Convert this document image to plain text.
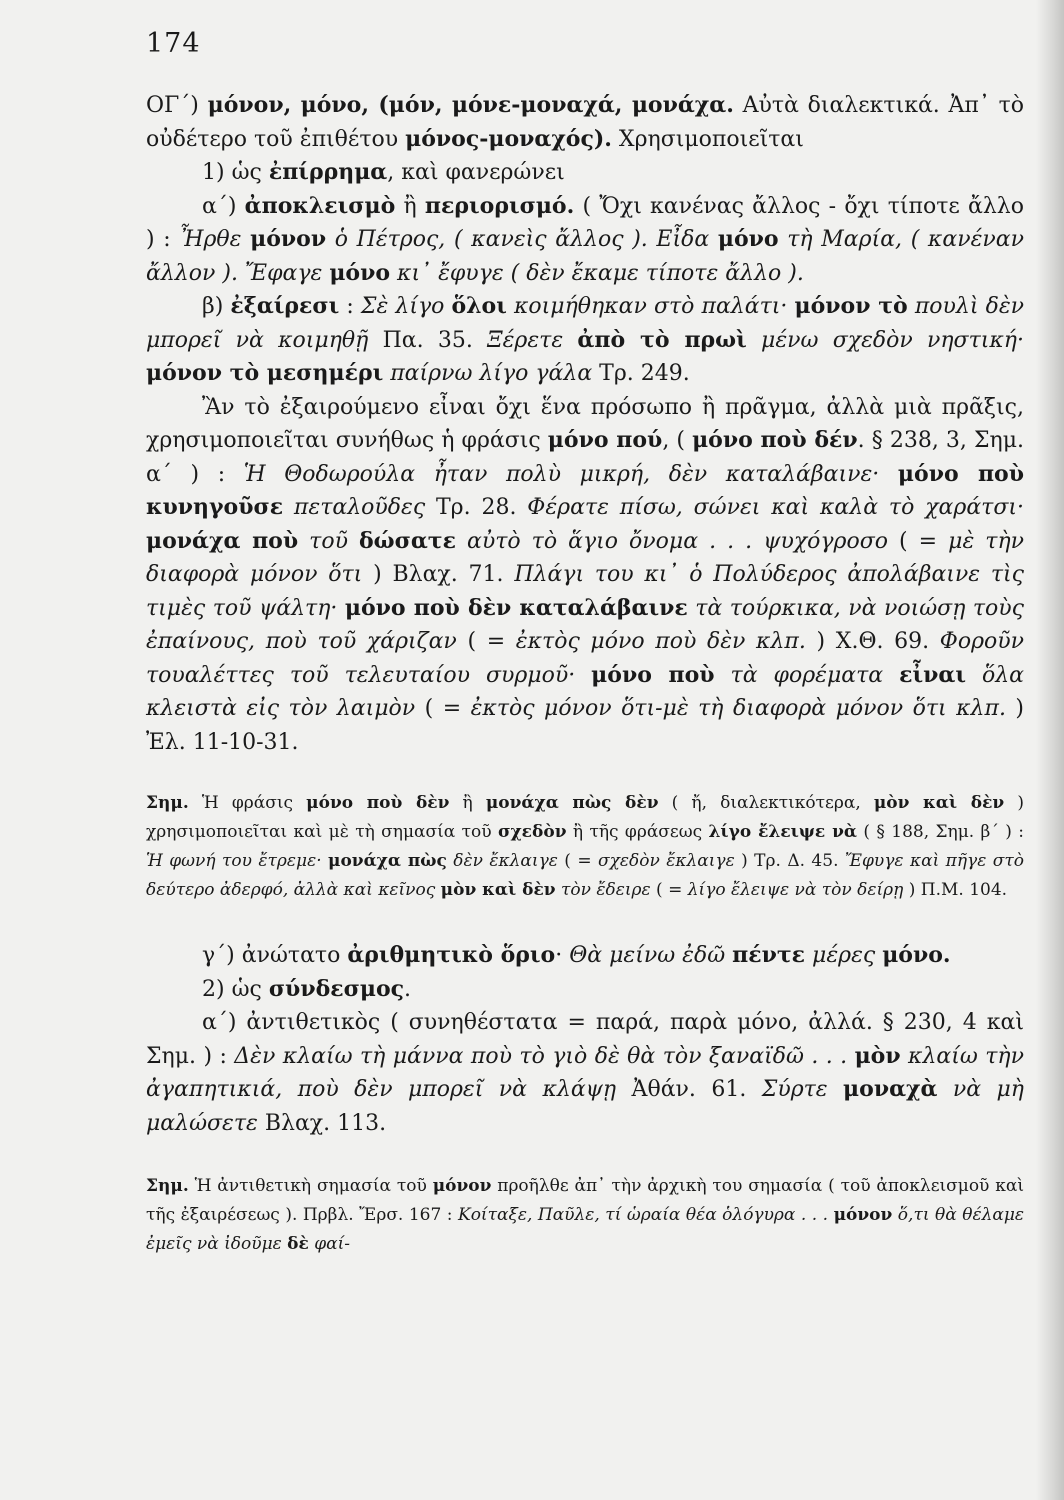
174

ΟΓ´) μόνον, μόνο, (μόν, μόνε-μοναχά, μονάχα. Αὐτὰ διαλεκτικά. Ἀπ᾽ τὸ οὐδέτερο τοῦ ἐπιθέτου μόνος-μοναχός). Χρησιμοποιεῖται

1) ὡς ἐπίρρημα, καὶ φανερώνει

α´) ἀποκλεισμὸ ἢ περιορισμό. ( Ὄχι κανένας ἄλλος - ὄχι τίποτε ἄλλο ) : Ἦρθε μόνον ὁ Πέτρος, ( κανεὶς ἄλλος ). Εἶδα μόνο τὴ Μαρία, ( κανέναν ἄλλον ). Ἔφαγε μόνο κι᾽ ἔφυγε ( δὲν ἔκαμε τίποτε ἄλλο ).

β) ἐξαίρεσι : Σὲ λίγο ὅλοι κοιμήθηκαν στὸ παλάτι· μόνον τὸ πουλὶ δὲν μπορεῖ νὰ κοιμηθῇ Πα. 35. Ξέρετε ἀπὸ τὸ πρωὶ μένω σχεδὸν νηστική· μόνον τὸ μεσημέρι παίρνω λίγο γάλα Τρ. 249.

Ἂν τὸ ἐξαιρούμενο εἶναι ὄχι ἕνα πρόσωπο ἢ πρᾶγμα, ἀλλὰ μιὰ πρᾶξις, χρησιμοποιεῖται συνήθως ἡ φράσις μόνο πού, ( μόνο ποὺ δέν. § 238, 3, Σημ. α´ ) : Ἡ Θοδωρούλα ἦταν πολὺ μικρή, δὲν καταλάβαινε· μόνο ποὺ κυνηγοῦσε πεταλοῦδες Τρ. 28. Φέρατε πίσω, σώνει καὶ καλὰ τὸ χαράτσι· μονάχα ποὺ τοῦ δώσατε αὐτὸ τὸ ἅγιο ὄνομα . . . ψυχόγροσο ( = μὲ τὴν διαφορὰ μόνον ὅτι ) Βλαχ. 71. Πλάγι του κι᾽ ὁ Πολύδερος ἀπολάβαινε τὶς τιμὲς τοῦ ψάλτη· μόνο ποὺ δὲν καταλάβαινε τὰ τούρκικα, νὰ νοιώσῃ τοὺς ἐπαίνους, ποὺ τοῦ χάριζαν ( = ἐκτὸς μόνο ποὺ δὲν κλπ. ) Χ.Θ. 69. Φοροῦν τουαλέττες τοῦ τελευταίου συρμοῦ· μόνο ποὺ τὰ φορέματα εἶναι ὅλα κλειστὰ εἰς τὸν λαιμὸν ( = ἐκτὸς μόνον ὅτι-μὲ τὴ διαφορὰ μόνον ὅτι κλπ. ) Ἐλ. 11-10-31.

Σημ. Ἡ φράσις μόνο ποὺ δὲν ἢ μονάχα πὼς δὲν ( ἤ, διαλεκτικότερα, μὸν καὶ δὲν ) χρησιμοποιεῖται καὶ μὲ τὴ σημασία τοῦ σχεδὸν ἢ τῆς φράσεως λίγο ἔλειψε νὰ ( § 188, Σημ. β´ ) : Ἡ φωνή του ἔτρεμε· μονάχα πὼς δὲν ἔκλαιγε ( = σχεδὸν ἔκλαιγε ) Τρ. Δ. 45. Ἔφυγε καὶ πῆγε στὸ δεύτερο ἀδερφό, ἀλλὰ καὶ κεῖνος μὸν καὶ δὲν τὸν ἔδειρε ( = λίγο ἔλειψε νὰ τὸν δείρῃ ) Π.Μ. 104.

γ´) ἀνώτατο ἀριθμητικὸ ὅριο· Θὰ μείνω ἐδῶ πέντε μέρες μόνο.

2) ὡς σύνδεσμος.

α´) ἀντιθετικὸς ( συνηθέστατα = παρά, παρὰ μόνο, ἀλλά. § 230, 4 καὶ Σημ. ) : Δὲν κλαίω τὴ μάννα ποὺ τὸ γιὸ δὲ θὰ τὸν ξαναϊδῶ . . . μὸν κλαίω τὴν ἀγαπητικιά, ποὺ δὲν μπορεῖ νὰ κλάψῃ Ἀθάν. 61. Σύρτε μοναχὰ νὰ μὴ μαλώσετε Βλαχ. 113.

Σημ. Ἡ ἀντιθετικὴ σημασία τοῦ μόνον προῆλθε ἀπ᾽ τὴν ἀρχικὴ του σημασία ( τοῦ ἀποκλεισμοῦ καὶ τῆς ἐξαιρέσεως ). Πρβλ. Ἔρσ. 167 : Κοίταξε, Παῦλε, τί ὡραία θέα ὁλόγυρα . . . μόνον ὅ,τι θὰ θέλαμε ἐμεῖς νὰ ἰδοῦμε δὲ φαί-
